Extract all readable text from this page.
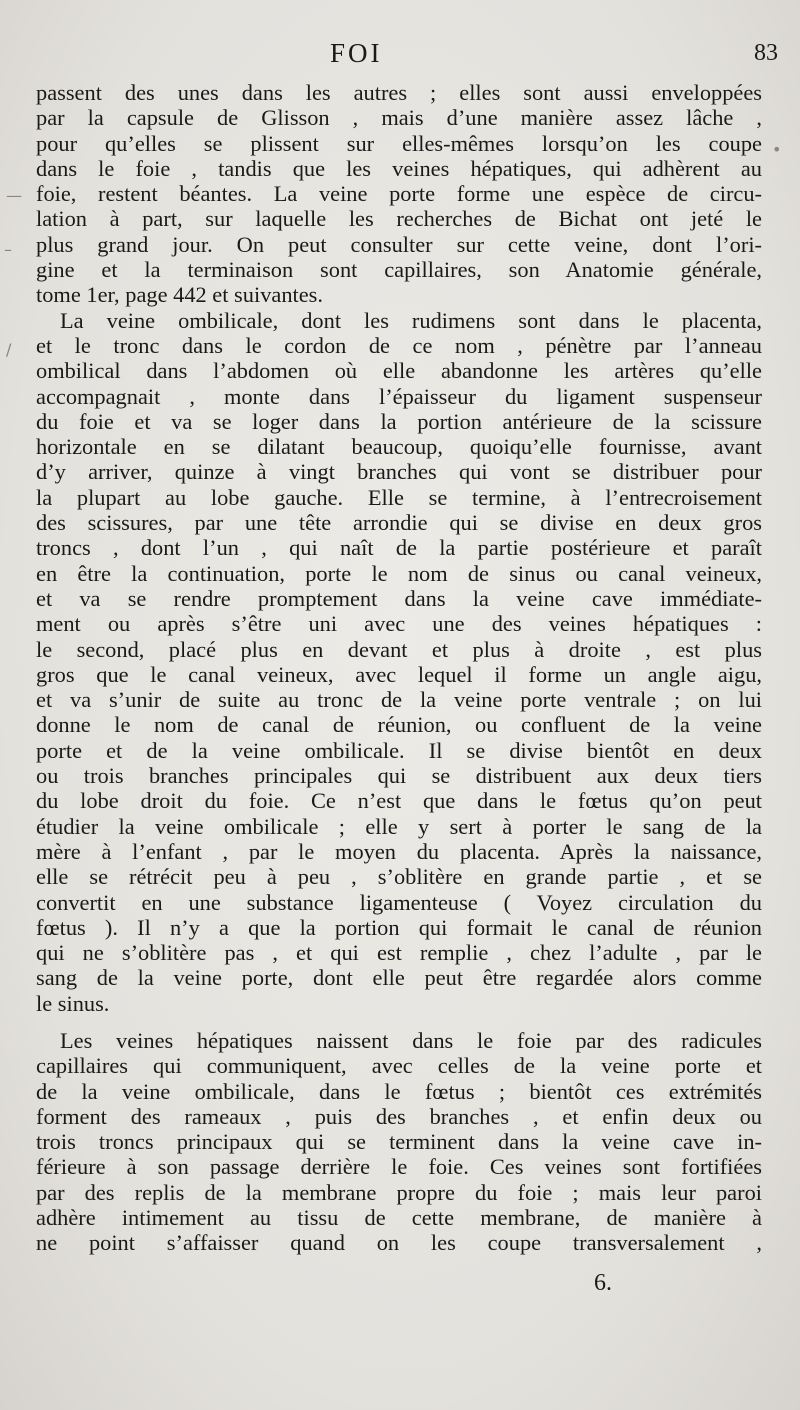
FOI	83

passent des unes dans les autres ; elles sont aussi enveloppées
par la capsule de Glisson , mais d’une manière assez lâche ,
pour qu’elles se plissent sur elles-mêmes lorsqu’on les coupe
dans le foie , tandis que les veines hépatiques, qui adhèrent au
foie, restent béantes. La veine porte forme une espèce de circu-
lation à part, sur laquelle les recherches de Bichat ont jeté le
plus grand jour. On peut consulter sur cette veine, dont l’ori-
gine et la terminaison sont capillaires, son Anatomie générale,
tome 1er, page 442 et suivantes.

La veine ombilicale, dont les rudimens sont dans le placenta,
et le tronc dans le cordon de ce nom , pénètre par l’anneau
ombilical dans l’abdomen où elle abandonne les artères qu’elle
accompagnait , monte dans l’épaisseur du ligament suspenseur
du foie et va se loger dans la portion antérieure de la scissure
horizontale en se dilatant beaucoup, quoiqu’elle fournisse, avant
d’y arriver, quinze à vingt branches qui vont se distribuer pour
la plupart au lobe gauche. Elle se termine, à l’entrecroisement
des scissures, par une tête arrondie qui se divise en deux gros
troncs , dont l’un , qui naît de la partie postérieure et paraît
en être la continuation, porte le nom de sinus ou canal veineux,
et va se rendre promptement dans la veine cave immédiate-
ment ou après s’être uni avec une des veines hépatiques :
le second, placé plus en devant et plus à droite , est plus
gros que le canal veineux, avec lequel il forme un angle aigu,
et va s’unir de suite au tronc de la veine porte ventrale ; on lui
donne le nom de canal de réunion, ou confluent de la veine
porte et de la veine ombilicale. Il se divise bientôt en deux
ou trois branches principales qui se distribuent aux deux tiers
du lobe droit du foie. Ce n’est que dans le fœtus qu’on peut
étudier la veine ombilicale ; elle y sert à porter le sang de la
mère à l’enfant , par le moyen du placenta. Après la naissance,
elle se rétrécit peu à peu , s’oblitère en grande partie , et se
convertit en une substance ligamenteuse ( Voyez circulation du
fœtus ). Il n’y a que la portion qui formait le canal de réunion
qui ne s’oblitère pas , et qui est remplie , chez l’adulte , par le
sang de la veine porte, dont elle peut être regardée alors comme
le sinus.

Les veines hépatiques naissent dans le foie par des radicules
capillaires qui communiquent, avec celles de la veine porte et
de la veine ombilicale, dans le fœtus ; bientôt ces extrémités
forment des rameaux , puis des branches , et enfin deux ou
trois troncs principaux qui se terminent dans la veine cave in-
férieure à son passage derrière le foie. Ces veines sont fortifiées
par des replis de la membrane propre du foie ; mais leur paroi
adhère intimement au tissu de cette membrane, de manière à
ne point s’affaisser quand on les coupe transversalement ,

—
–
/
•
6.
